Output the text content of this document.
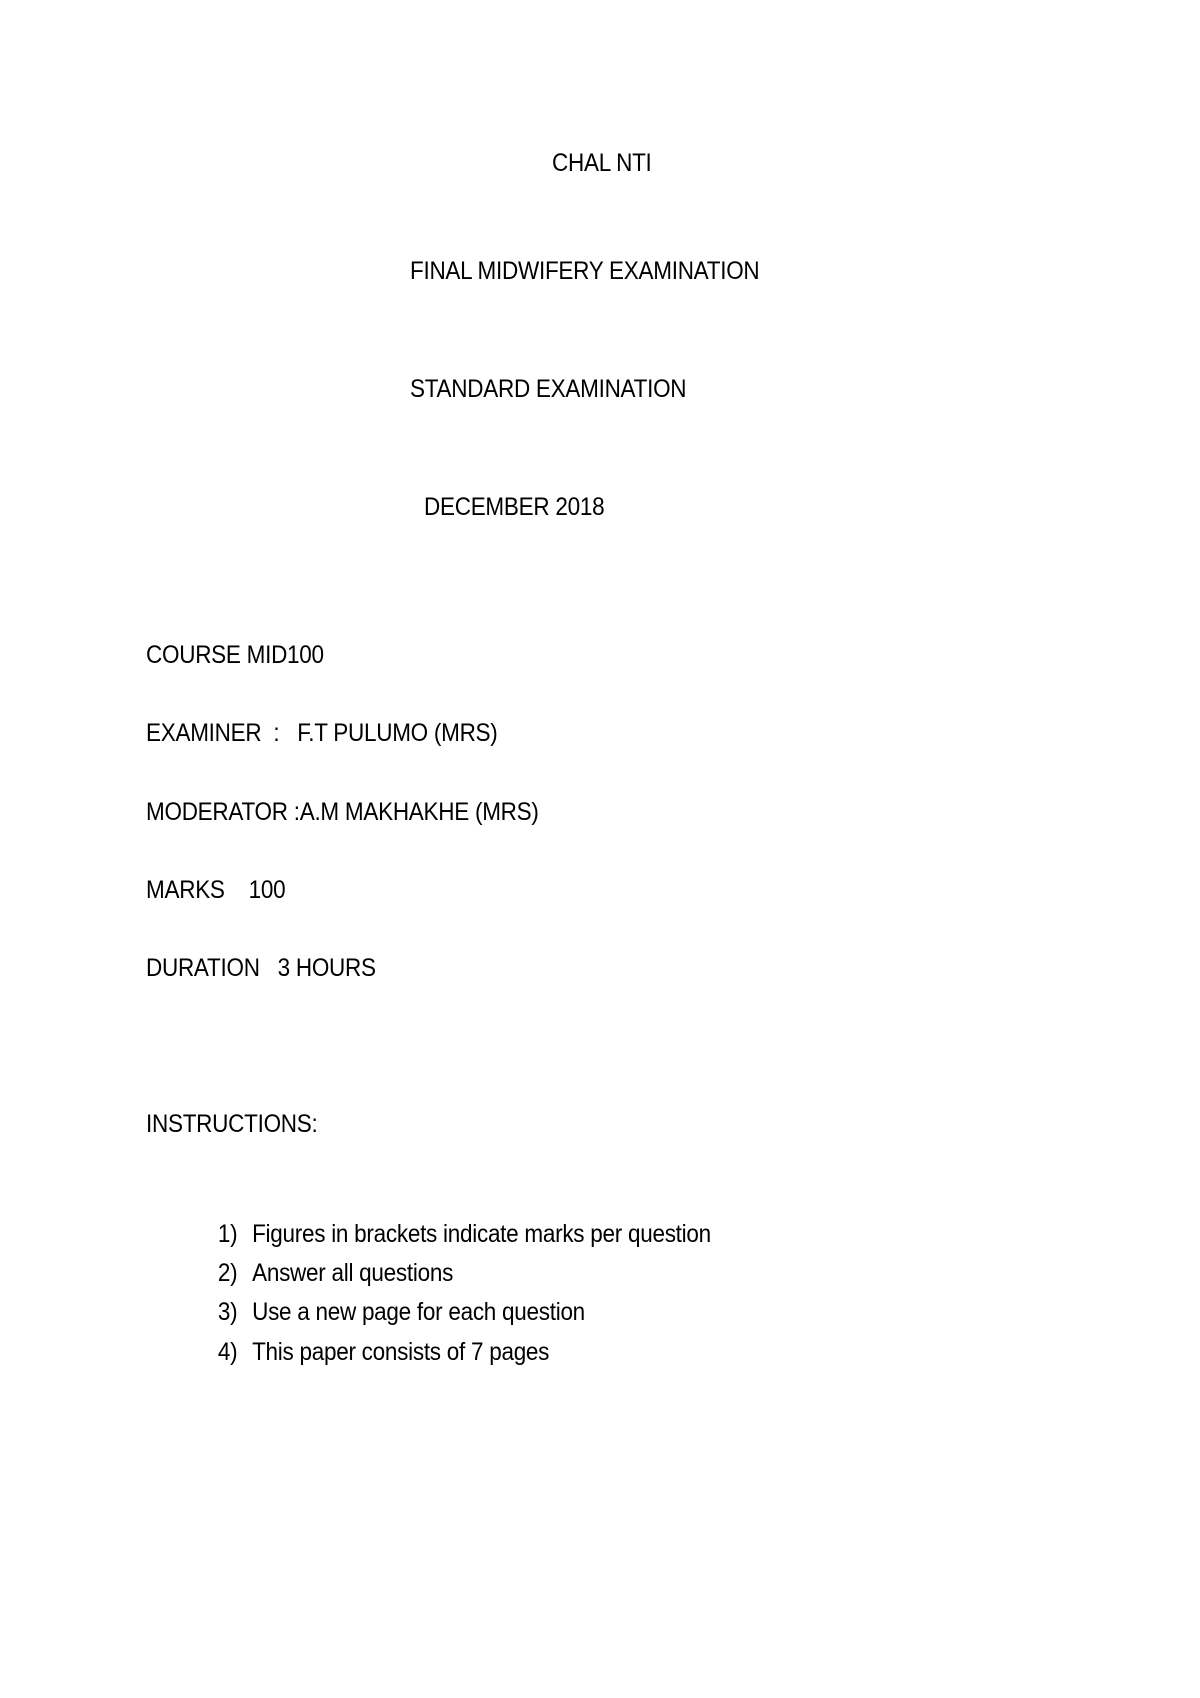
CHAL NTI
FINAL MIDWIFERY EXAMINATION
STANDARD EXAMINATION
DECEMBER 2018
COURSE MID100
EXAMINER  :   F.T PULUMO (MRS)
MODERATOR :A.M MAKHAKHE (MRS)
MARKS    100
DURATION   3 HOURS
INSTRUCTIONS:

1) Figures in brackets indicate marks per question

2) Answer all questions

3) Use a new page for each question

4) This paper consists of 7 pages
